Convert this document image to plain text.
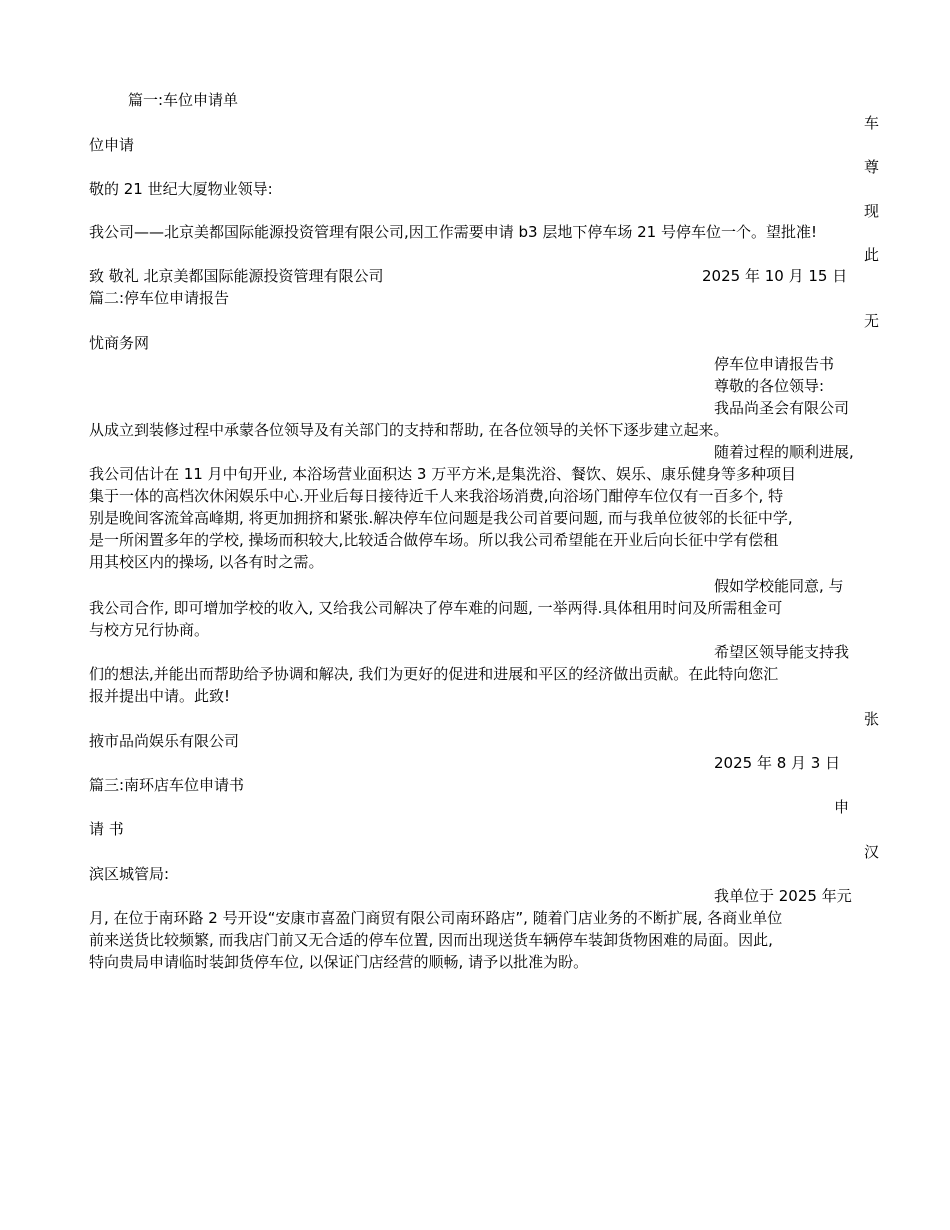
篇一:车位申请单

车

位申请

尊

敬的 21 世纪大厦物业领导:

现

我公司——北京美都国际能源投资管理有限公司,因工作需要申请 b3 层地下停车场 21 号停车位一个。望批准!

此

致 敬礼 北京美都国际能源投资管理有限公司	2025 年 10 月 15 日

篇二:停车位申请报告

无

忧商务网

停车位申请报告书

尊敬的各位领导:

我品尚圣会有限公司

从成立到装修过程中承蒙各位领导及有关部门的支持和帮助, 在各位领导的关怀下逐步建立起来。

随着过程的顺利进展,

我公司估计在 11 月中旬开业, 本浴场营业面积达 3 万平方米,是集洗浴、餐饮、娱乐、康乐健身等多种项目

集于一体的高档次休闲娱乐中心.开业后每日接待近千人来我浴场消费,向浴场门酣停车位仅有一百多个, 特

别是晚间客流耸高峰期, 将更加拥挤和紧张.解决停车位问题是我公司首要问题, 而与我单位彼邻的长征中学,

是一所闲置多年的学校, 操场而积较大,比较适合做停车场。所以我公司希望能在开业后向长征中学有偿租

用其校区内的操场, 以各有时之需。

假如学校能同意, 与

我公司合作, 即可增加学校的收入, 又给我公司解决了停车难的问题, 一举两得.具体租用时问及所需租金可

与校方兄行协商。

希望区领导能支持我

们的想法,并能出而帮助给予协调和解决, 我们为更好的促进和进展和平区的经济做出贡献。在此特向您汇

报并提出中请。此致!

张

掖市品尚娱乐有限公司

2025 年 8 月 3 日

篇三:南环店车位申请书

申

请 书

汉

滨区城管局:

我单位于 2025 年元

月, 在位于南环路 2 号开设“安康市喜盈门商贸有限公司南环路店”, 随着门店业务的不断扩展, 各商业单位

前来送货比较频繁, 而我店门前又无合适的停车位置, 因而出现送货车辆停车装卸货物困难的局面。因此,

特向贵局申请临时装卸货停车位, 以保证门店经营的顺畅, 请予以批准为盼。
